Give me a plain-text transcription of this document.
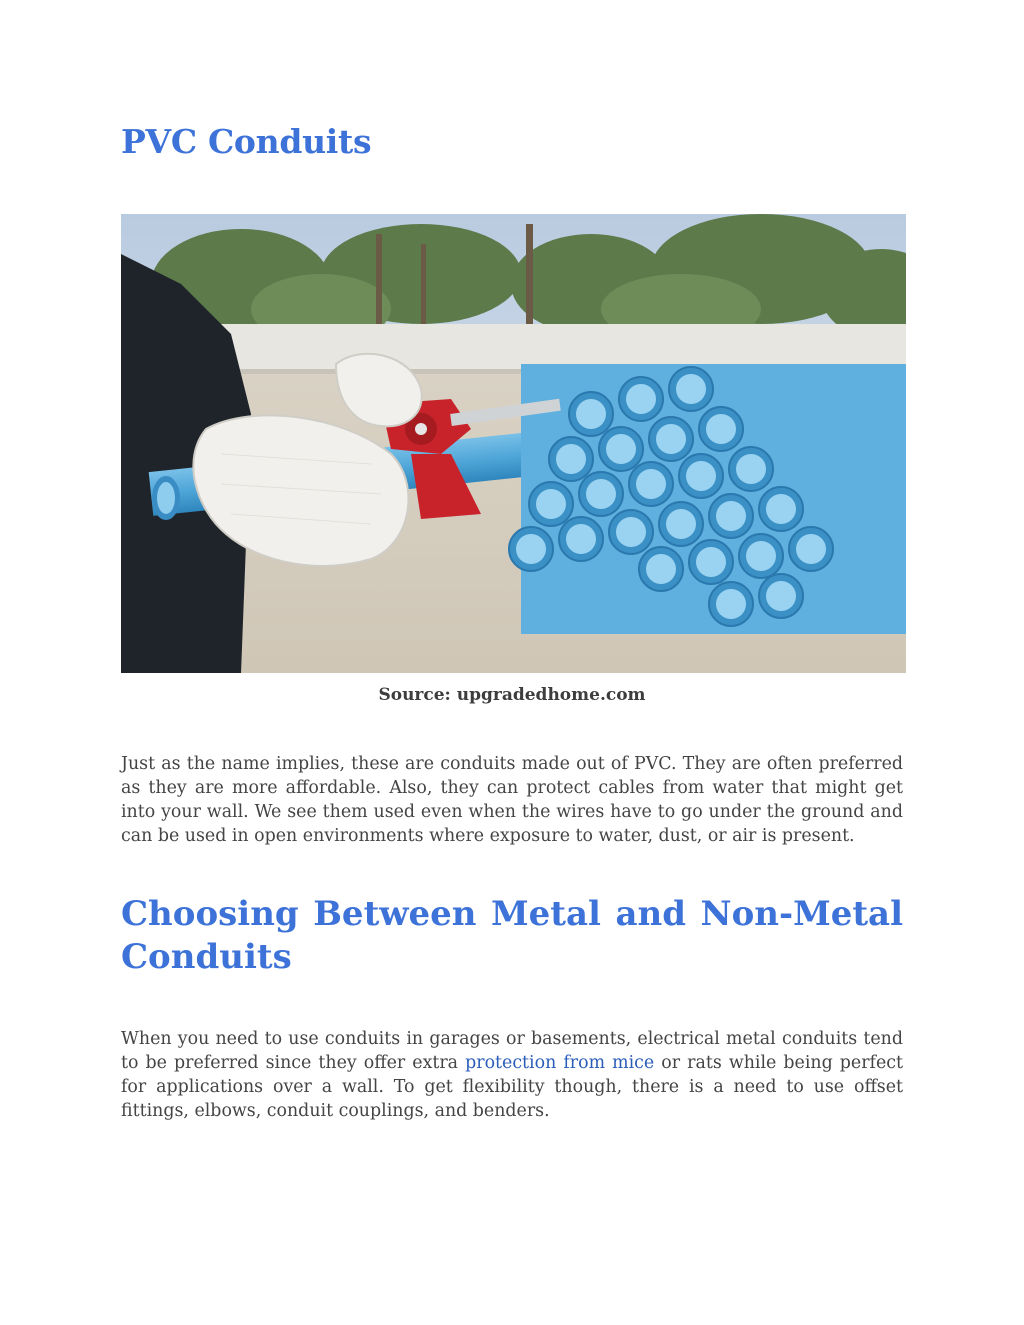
PVC Conduits
Source: upgradedhome.com

Just as the name implies, these are conduits made out of PVC. They are often preferred as they are more affordable. Also, they can protect cables from water that might get into your wall. We see them used even when the wires have to go under the ground and can be used in open environments where exposure to water, dust, or air is present.

Choosing Between Metal and Non-Metal Conduits

When you need to use conduits in garages or basements, electrical metal conduits tend to be preferred since they offer extra protection from mice or rats while being perfect for applications over a wall. To get flexibility though, there is a need to use offset fittings, elbows, conduit couplings, and benders.
